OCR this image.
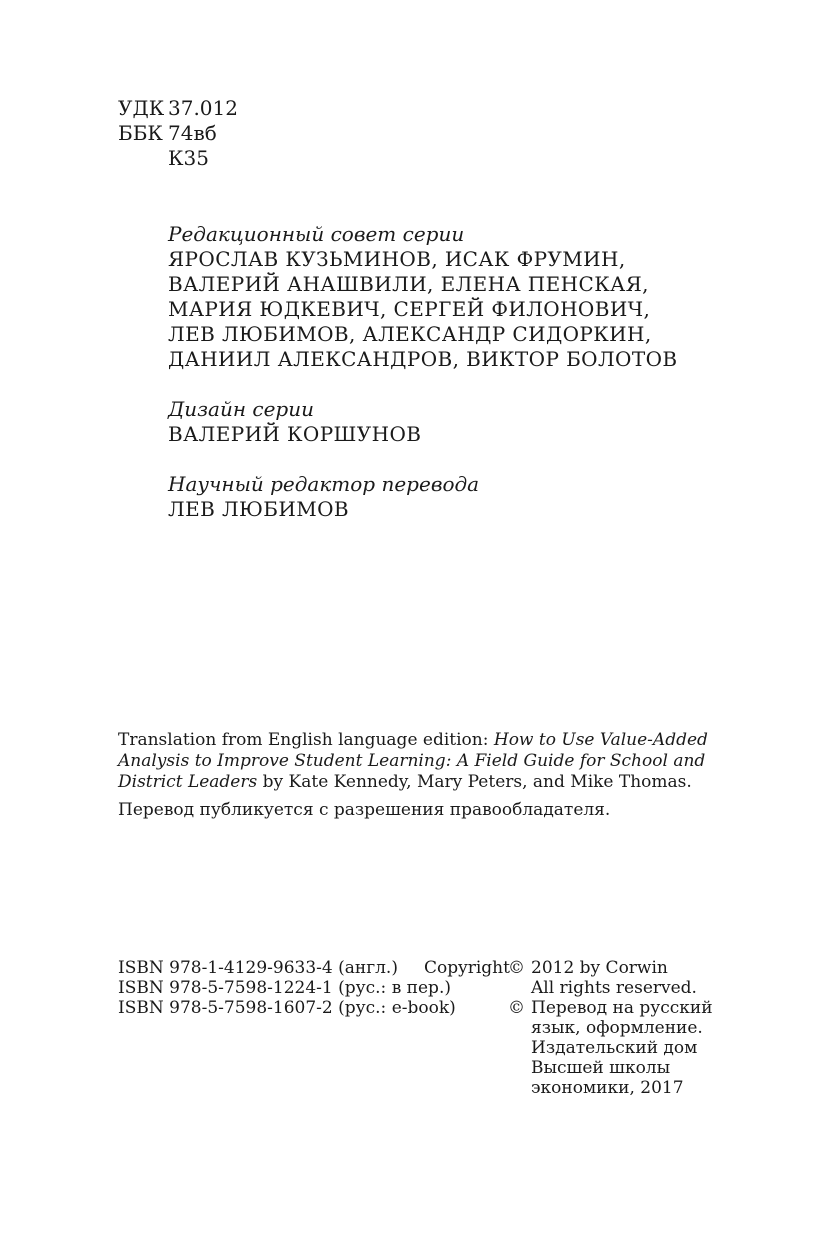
УДК 37.012
ББК 74вб
К35
Редакционный совет серии
ЯРОСЛАВ КУЗЬМИНОВ, ИСАК ФРУМИН,
ВАЛЕРИЙ АНАШВИЛИ, ЕЛЕНА ПЕНСКАЯ,
МАРИЯ ЮДКЕВИЧ, СЕРГЕЙ ФИЛОНОВИЧ,
ЛЕВ ЛЮБИМОВ, АЛЕКСАНДР СИДОРКИН,
ДАНИИЛ АЛЕКСАНДРОВ, ВИКТОР БОЛОТОВ
Дизайн серии
ВАЛЕРИЙ КОРШУНОВ
Научный редактор перевода
ЛЕВ ЛЮБИМОВ
Translation from English language edition: How to Use Value-Added Analysis to Improve Student Learning: A Field Guide for School and District Leaders by Kate Kennedy, Mary Peters, and Mike Thomas.
Перевод публикуется с разрешения правообладателя.
ISBN 978-1-4129-9633-4 (англ.)
ISBN 978-5-7598-1224-1 (рус.: в пер.)
ISBN 978-5-7598-1607-2 (рус.: e-book)
Copyright
© 2012 by Corwin
All rights reserved.
© Перевод на русский
язык, оформление.
Издательский дом
Высшей школы
экономики, 2017
